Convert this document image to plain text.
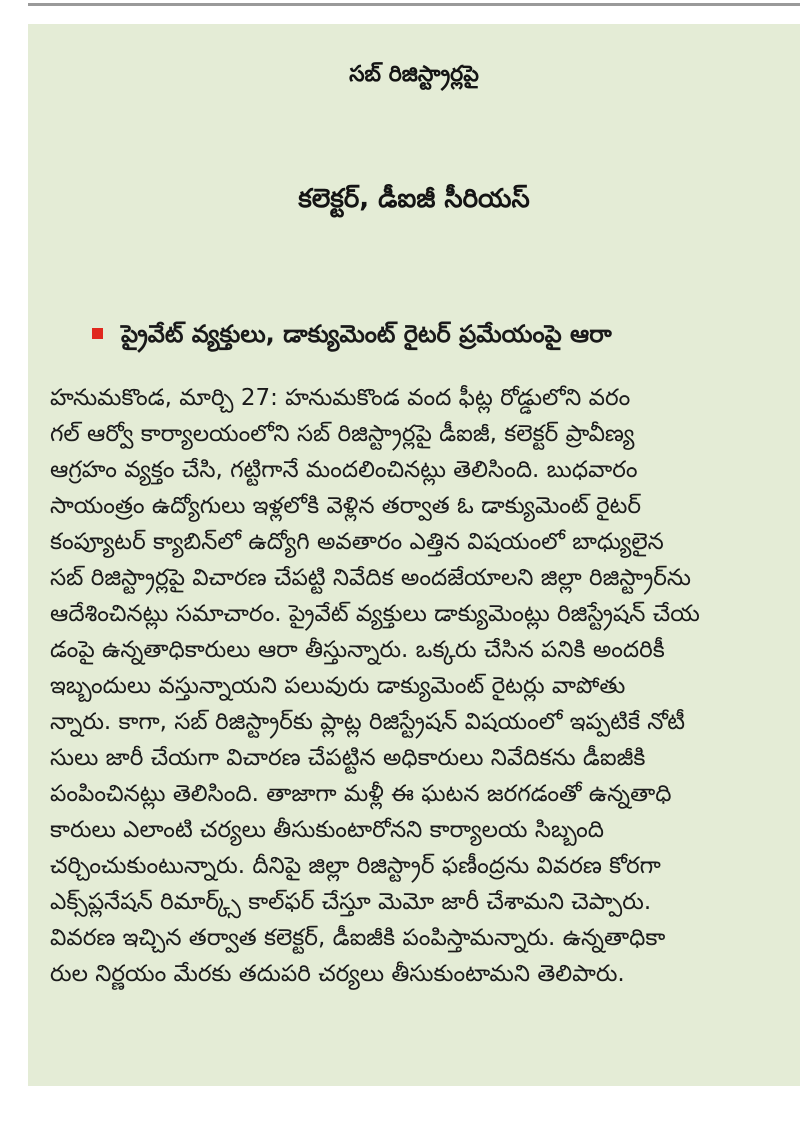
సబ్ రిజిస్ట్రార్లపై
కలెక్టర్, డీఐజీ సీరియస్
ప్రైవేట్ వ్యక్తులు, డాక్యుమెంట్ రైటర్ ప్రమేయంపై ఆరా
హనుమకొండ, మార్చి 27: హనుమకొండ వంద ఫీట్ల రోడ్డులోని వరం
గల్ ఆర్వో కార్యాలయంలోని సబ్ రిజిస్ట్రార్లపై డీఐజీ, కలెక్టర్ ప్రావీణ్య
ఆగ్రహం వ్యక్తం చేసి, గట్టిగానే మందలించినట్లు తెలిసింది. బుధవారం
సాయంత్రం ఉద్యోగులు ఇళ్లలోకి వెళ్లిన తర్వాత ఓ డాక్యుమెంట్ రైటర్
కంప్యూటర్ క్యాబిన్‌లో ఉద్యోగి అవతారం ఎత్తిన విషయంలో బాధ్యులైన
సబ్ రిజిస్ట్రార్లపై విచారణ చేపట్టి నివేదిక అందజేయాలని జిల్లా రిజిస్ట్రార్‌ను
ఆదేశించినట్లు సమాచారం. ప్రైవేట్ వ్యక్తులు డాక్యుమెంట్లు రిజిస్ట్రేషన్ చేయ
డంపై ఉన్నతాధికారులు ఆరా తీస్తున్నారు. ఒక్కరు చేసిన పనికి అందరికీ
ఇబ్బందులు వస్తున్నాయని పలువురు డాక్యుమెంట్ రైటర్లు వాపోతు
న్నారు. కాగా, సబ్ రిజిస్ట్రార్‌కు ప్లాట్ల రిజిస్ట్రేషన్ విషయంలో ఇప్పటికే నోటీ
సులు జారీ చేయగా విచారణ చేపట్టిన అధికారులు నివేదికను డీఐజీకి
పంపించినట్లు తెలిసింది. తాజాగా మళ్లీ ఈ ఘటన జరగడంతో ఉన్నతాధి
కారులు ఎలాంటి చర్యలు తీసుకుంటారోనని కార్యాలయ సిబ్బంది
చర్చించుకుంటున్నారు. దీనిపై జిల్లా రిజిస్ట్రార్ ఫణీంద్రను వివరణ కోరగా
ఎక్స్‌ప్లనేషన్ రిమార్క్స్ కాల్‌ఫర్ చేస్తూ మెమో జారీ చేశామని చెప్పారు.
వివరణ ఇచ్చిన తర్వాత కలెక్టర్, డీఐజీకి పంపిస్తామన్నారు. ఉన్నతాధికా
రుల నిర్ణయం మేరకు తదుపరి చర్యలు తీసుకుంటామని తెలిపారు.
